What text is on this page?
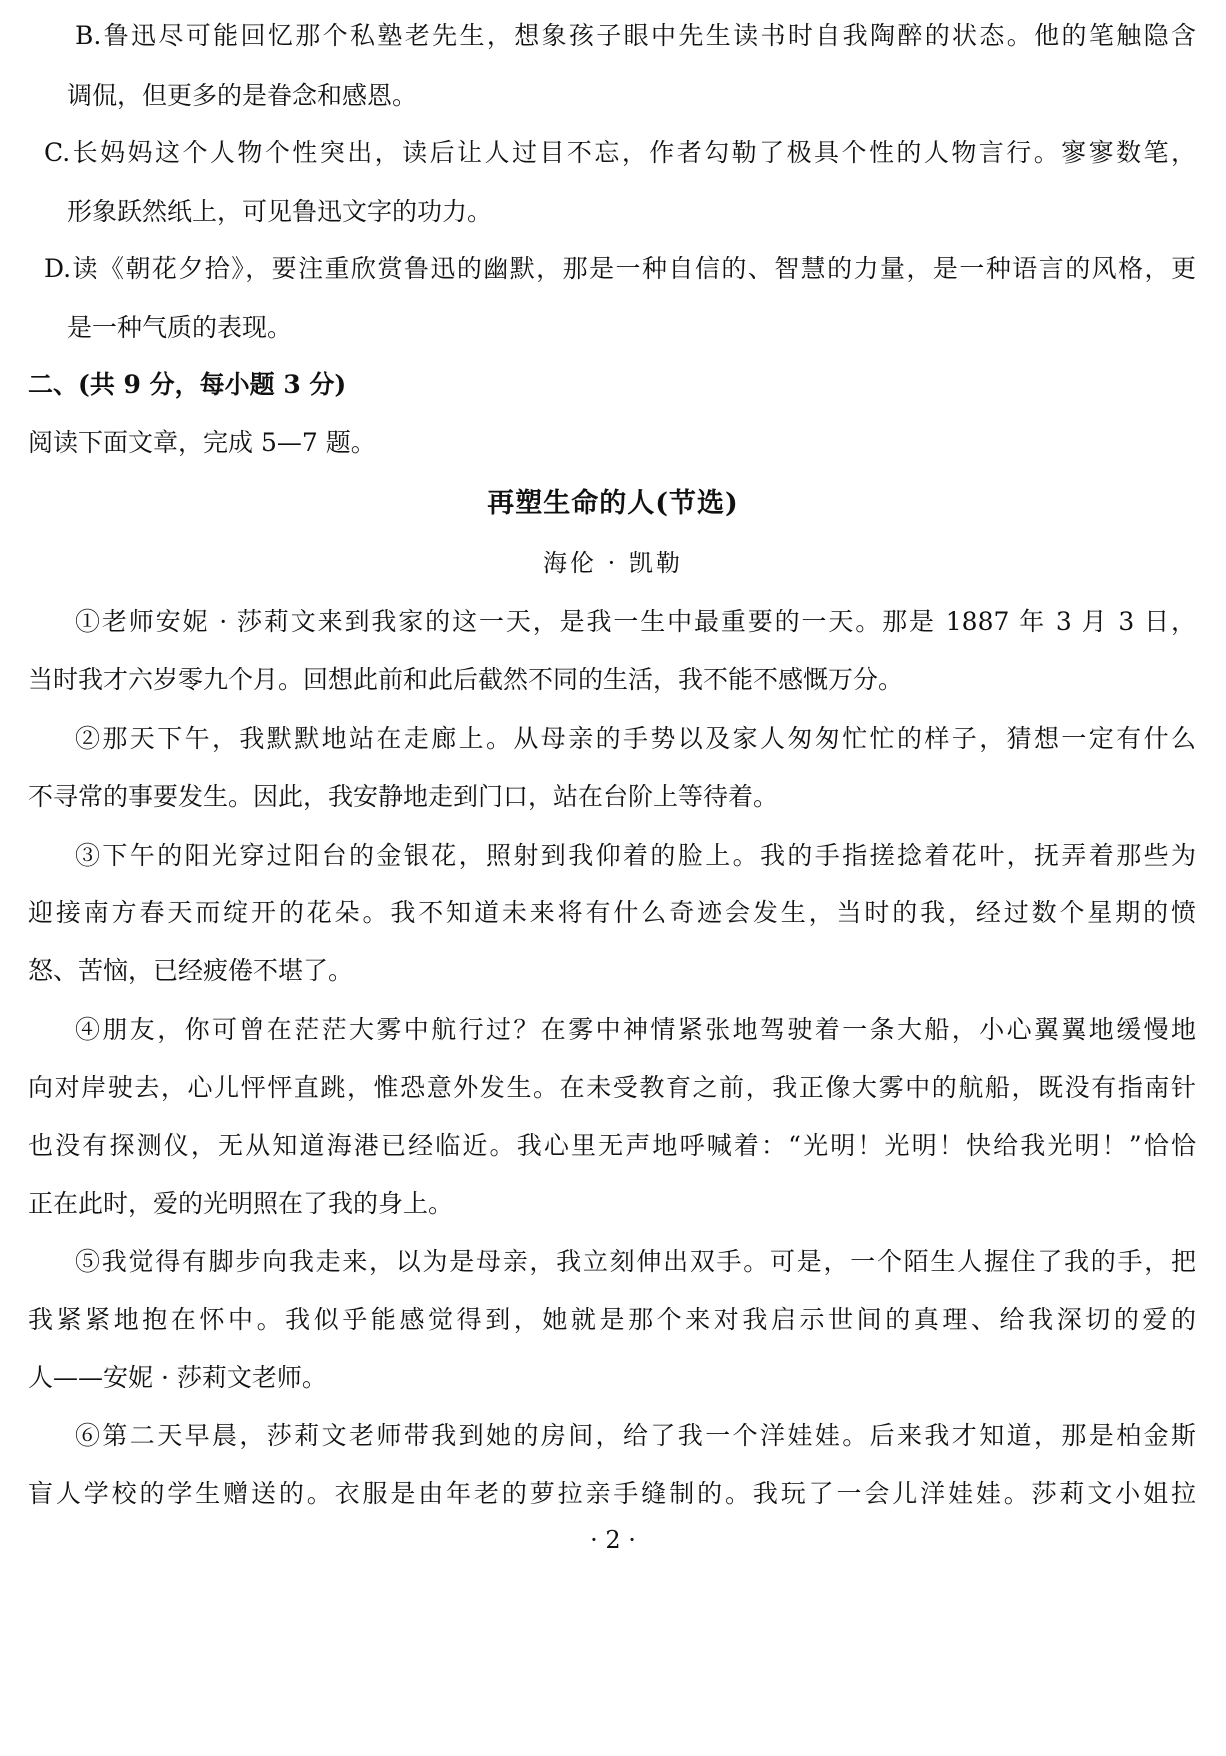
B.鲁迅尽可能回忆那个私塾老先生，想象孩子眼中先生读书时自我陶醉的状态。他的笔触隐含
调侃，但更多的是眷念和感恩。
C.长妈妈这个人物个性突出，读后让人过目不忘，作者勾勒了极具个性的人物言行。寥寥数笔，
形象跃然纸上，可见鲁迅文字的功力。
D.读《朝花夕拾》，要注重欣赏鲁迅的幽默，那是一种自信的、智慧的力量，是一种语言的风格，更
是一种气质的表现。
二、(共 9 分，每小题 3 分)
阅读下面文章，完成 5—7 题。
再塑生命的人(节选)
海伦 · 凯勒
①老师安妮 · 莎莉文来到我家的这一天，是我一生中最重要的一天。那是 1887 年 3 月 3 日，
当时我才六岁零九个月。回想此前和此后截然不同的生活，我不能不感慨万分。
②那天下午，我默默地站在走廊上。从母亲的手势以及家人匆匆忙忙的样子，猜想一定有什么
不寻常的事要发生。因此，我安静地走到门口，站在台阶上等待着。
③下午的阳光穿过阳台的金银花，照射到我仰着的脸上。我的手指搓捻着花叶，抚弄着那些为
迎接南方春天而绽开的花朵。我不知道未来将有什么奇迹会发生，当时的我，经过数个星期的愤
怒、苦恼，已经疲倦不堪了。
④朋友，你可曾在茫茫大雾中航行过？在雾中神情紧张地驾驶着一条大船，小心翼翼地缓慢地
向对岸驶去，心儿怦怦直跳，惟恐意外发生。在未受教育之前，我正像大雾中的航船，既没有指南针
也没有探测仪，无从知道海港已经临近。我心里无声地呼喊着：“光明！光明！快给我光明！”恰恰
正在此时，爱的光明照在了我的身上。
⑤我觉得有脚步向我走来，以为是母亲，我立刻伸出双手。可是，一个陌生人握住了我的手，把
我紧紧地抱在怀中。我似乎能感觉得到，她就是那个来对我启示世间的真理、给我深切的爱的
人——安妮 · 莎莉文老师。
⑥第二天早晨，莎莉文老师带我到她的房间，给了我一个洋娃娃。后来我才知道，那是柏金斯
盲人学校的学生赠送的。衣服是由年老的萝拉亲手缝制的。我玩了一会儿洋娃娃。莎莉文小姐拉
· 2 ·
